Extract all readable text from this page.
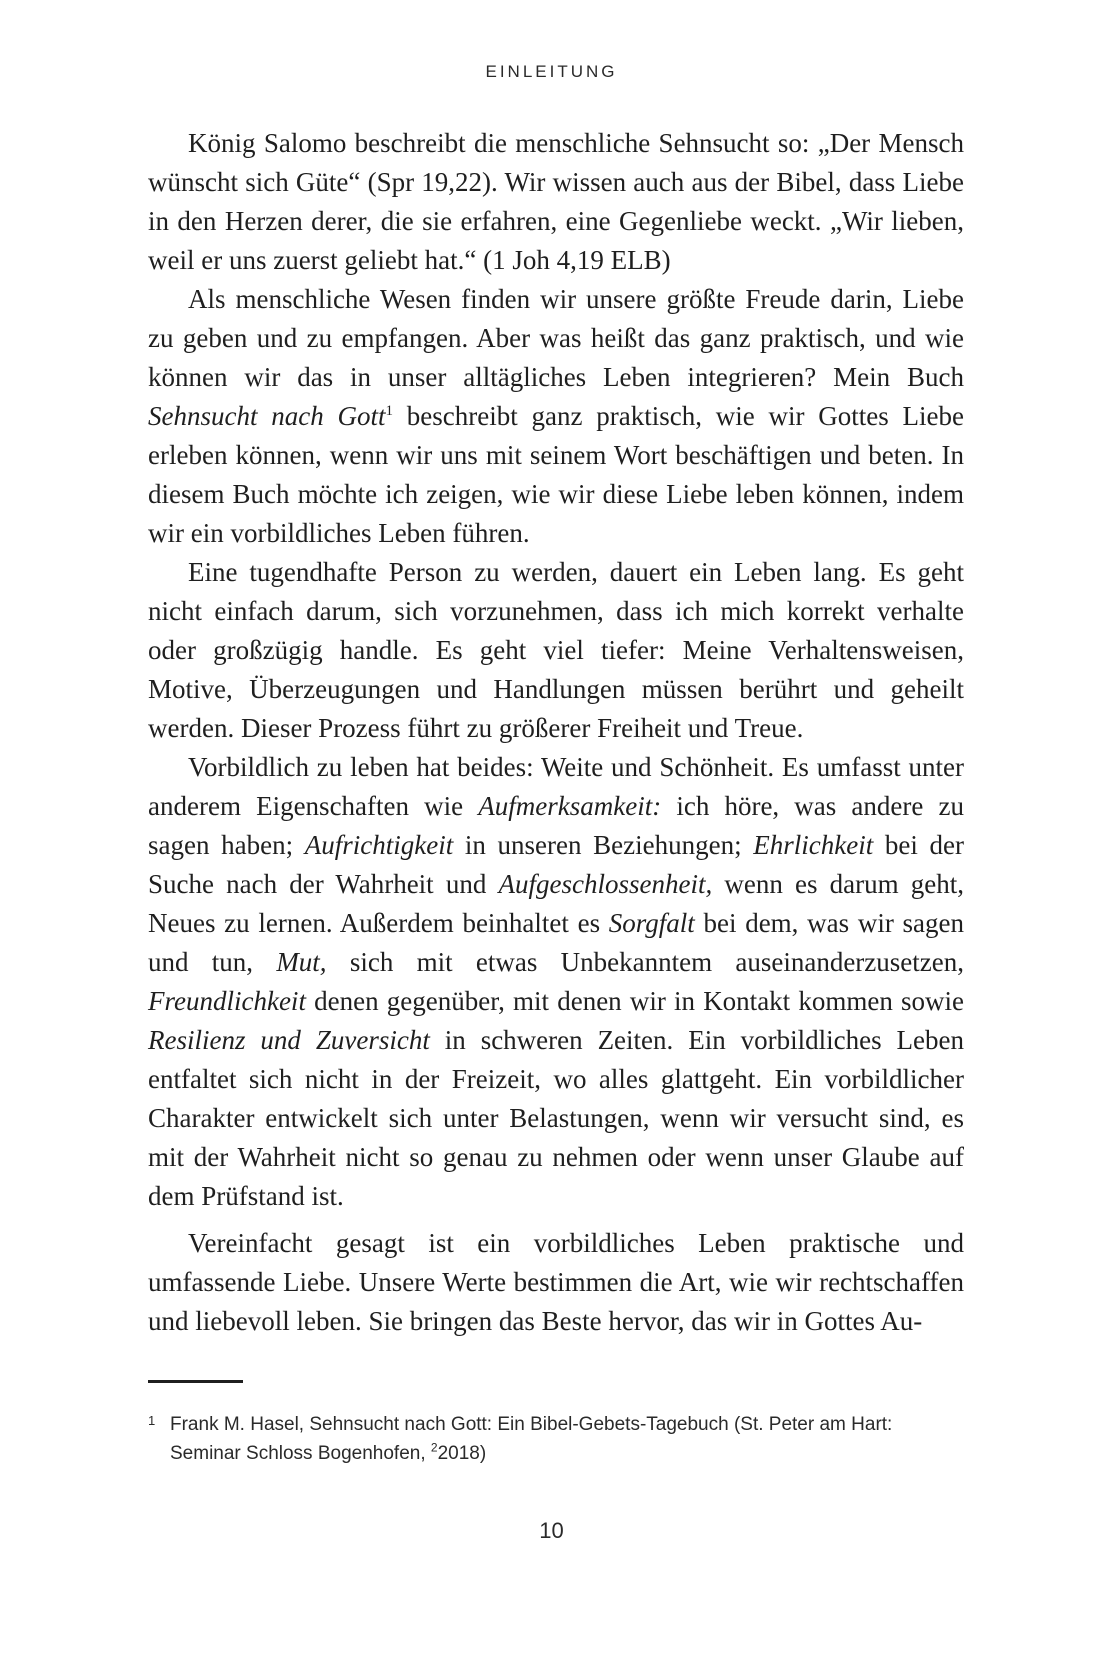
EINLEITUNG

König Salomo beschreibt die menschliche Sehnsucht so: „Der Mensch wünscht sich Güte“ (Spr 19,22). Wir wissen auch aus der Bibel, dass Liebe in den Herzen derer, die sie erfahren, eine Gegenliebe weckt. „Wir lieben, weil er uns zuerst geliebt hat.“ (1 Joh 4,19 ELB)

Als menschliche Wesen finden wir unsere größte Freude darin, Liebe zu geben und zu empfangen. Aber was heißt das ganz praktisch, und wie können wir das in unser alltägliches Leben integrieren? Mein Buch Sehnsucht nach Gott$^1$ beschreibt ganz praktisch, wie wir Gottes Liebe erleben können, wenn wir uns mit seinem Wort beschäftigen und beten. In diesem Buch möchte ich zeigen, wie wir diese Liebe leben können, indem wir ein vorbildliches Leben führen.

Eine tugendhafte Person zu werden, dauert ein Leben lang. Es geht nicht einfach darum, sich vorzunehmen, dass ich mich korrekt verhalte oder großzügig handle. Es geht viel tiefer: Meine Verhaltensweisen, Motive, Überzeugungen und Handlungen müssen berührt und geheilt werden. Dieser Prozess führt zu größerer Freiheit und Treue.

Vorbildlich zu leben hat beides: Weite und Schönheit. Es umfasst unter anderem Eigenschaften wie Aufmerksamkeit: ich höre, was andere zu sagen haben; Aufrichtigkeit in unseren Beziehungen; Ehrlichkeit bei der Suche nach der Wahrheit und Aufgeschlossenheit, wenn es darum geht, Neues zu lernen. Außerdem beinhaltet es Sorgfalt bei dem, was wir sagen und tun, Mut, sich mit etwas Unbekanntem auseinanderzusetzen, Freundlichkeit denen gegenüber, mit denen wir in Kontakt kommen sowie Resilienz und Zuversicht in schweren Zeiten. Ein vorbildliches Leben entfaltet sich nicht in der Freizeit, wo alles glattgeht. Ein vorbildlicher Charakter entwickelt sich unter Belastungen, wenn wir versucht sind, es mit der Wahrheit nicht so genau zu nehmen oder wenn unser Glaube auf dem Prüfstand ist.

Vereinfacht gesagt ist ein vorbildliches Leben praktische und umfassende Liebe. Unsere Werte bestimmen die Art, wie wir rechtschaffen und liebevoll leben. Sie bringen das Beste hervor, das wir in Gottes Au-

1 Frank M. Hasel, Sehnsucht nach Gott: Ein Bibel-Gebets-Tagebuch (St. Peter am Hart: Seminar Schloss Bogenhofen, $^2$2018)
10
